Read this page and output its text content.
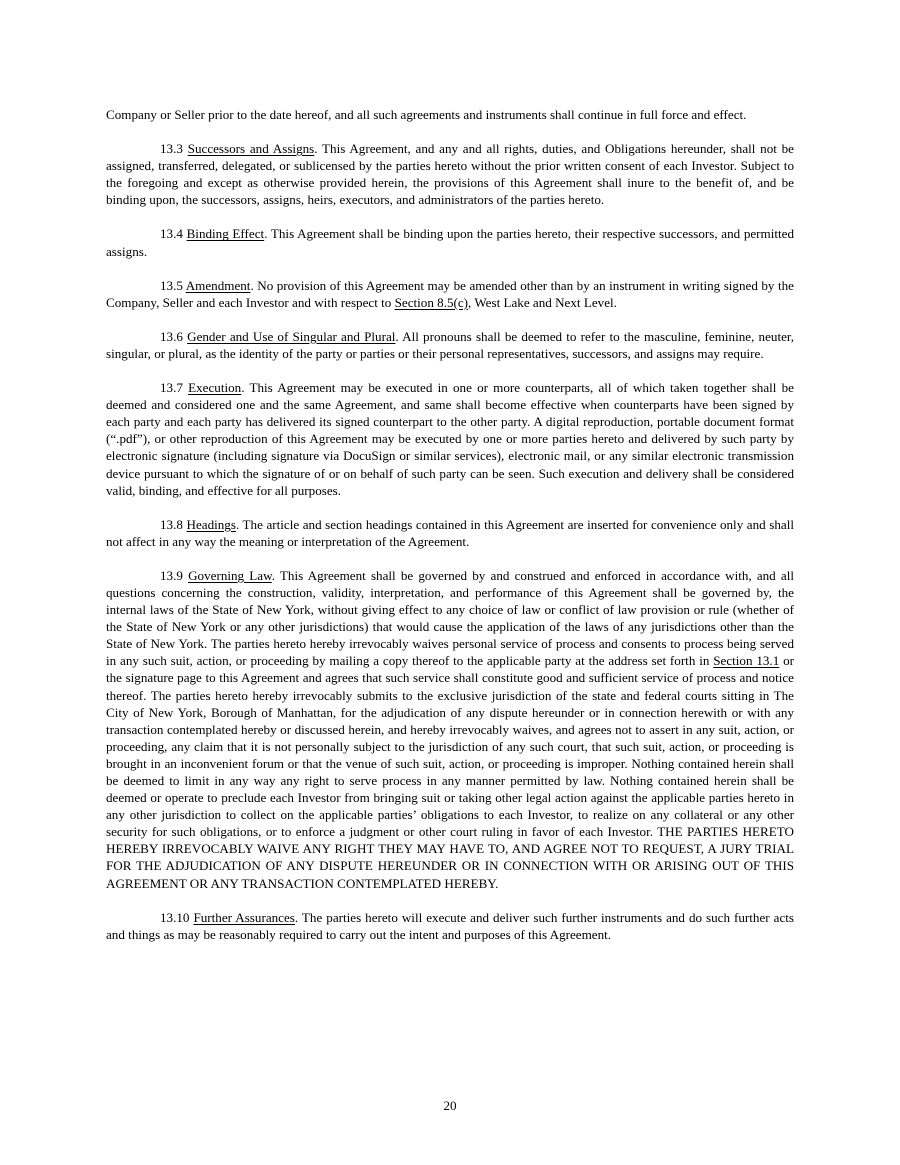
Company or Seller prior to the date hereof, and all such agreements and instruments shall continue in full force and effect.

13.3 Successors and Assigns. This Agreement, and any and all rights, duties, and Obligations hereunder, shall not be assigned, transferred, delegated, or sublicensed by the parties hereto without the prior written consent of each Investor. Subject to the foregoing and except as otherwise provided herein, the provisions of this Agreement shall inure to the benefit of, and be binding upon, the successors, assigns, heirs, executors, and administrators of the parties hereto.

13.4 Binding Effect. This Agreement shall be binding upon the parties hereto, their respective successors, and permitted assigns.

13.5 Amendment. No provision of this Agreement may be amended other than by an instrument in writing signed by the Company, Seller and each Investor and with respect to Section 8.5(c), West Lake and Next Level.

13.6 Gender and Use of Singular and Plural. All pronouns shall be deemed to refer to the masculine, feminine, neuter, singular, or plural, as the identity of the party or parties or their personal representatives, successors, and assigns may require.

13.7 Execution. This Agreement may be executed in one or more counterparts, all of which taken together shall be deemed and considered one and the same Agreement, and same shall become effective when counterparts have been signed by each party and each party has delivered its signed counterpart to the other party. A digital reproduction, portable document format (“.pdf”), or other reproduction of this Agreement may be executed by one or more parties hereto and delivered by such party by electronic signature (including signature via DocuSign or similar services), electronic mail, or any similar electronic transmission device pursuant to which the signature of or on behalf of such party can be seen. Such execution and delivery shall be considered valid, binding, and effective for all purposes.

13.8 Headings. The article and section headings contained in this Agreement are inserted for convenience only and shall not affect in any way the meaning or interpretation of the Agreement.

13.9 Governing Law. This Agreement shall be governed by and construed and enforced in accordance with, and all questions concerning the construction, validity, interpretation, and performance of this Agreement shall be governed by, the internal laws of the State of New York, without giving effect to any choice of law or conflict of law provision or rule (whether of the State of New York or any other jurisdictions) that would cause the application of the laws of any jurisdictions other than the State of New York. The parties hereto hereby irrevocably waives personal service of process and consents to process being served in any such suit, action, or proceeding by mailing a copy thereof to the applicable party at the address set forth in Section 13.1 or the signature page to this Agreement and agrees that such service shall constitute good and sufficient service of process and notice thereof. The parties hereto hereby irrevocably submits to the exclusive jurisdiction of the state and federal courts sitting in The City of New York, Borough of Manhattan, for the adjudication of any dispute hereunder or in connection herewith or with any transaction contemplated hereby or discussed herein, and hereby irrevocably waives, and agrees not to assert in any suit, action, or proceeding, any claim that it is not personally subject to the jurisdiction of any such court, that such suit, action, or proceeding is brought in an inconvenient forum or that the venue of such suit, action, or proceeding is improper. Nothing contained herein shall be deemed to limit in any way any right to serve process in any manner permitted by law. Nothing contained herein shall be deemed or operate to preclude each Investor from bringing suit or taking other legal action against the applicable parties hereto in any other jurisdiction to collect on the applicable parties’ obligations to each Investor, to realize on any collateral or any other security for such obligations, or to enforce a judgment or other court ruling in favor of each Investor. THE PARTIES HERETO HEREBY IRREVOCABLY WAIVE ANY RIGHT THEY MAY HAVE TO, AND AGREE NOT TO REQUEST, A JURY TRIAL FOR THE ADJUDICATION OF ANY DISPUTE HEREUNDER OR IN CONNECTION WITH OR ARISING OUT OF THIS AGREEMENT OR ANY TRANSACTION CONTEMPLATED HEREBY.

13.10 Further Assurances. The parties hereto will execute and deliver such further instruments and do such further acts and things as may be reasonably required to carry out the intent and purposes of this Agreement.

20
